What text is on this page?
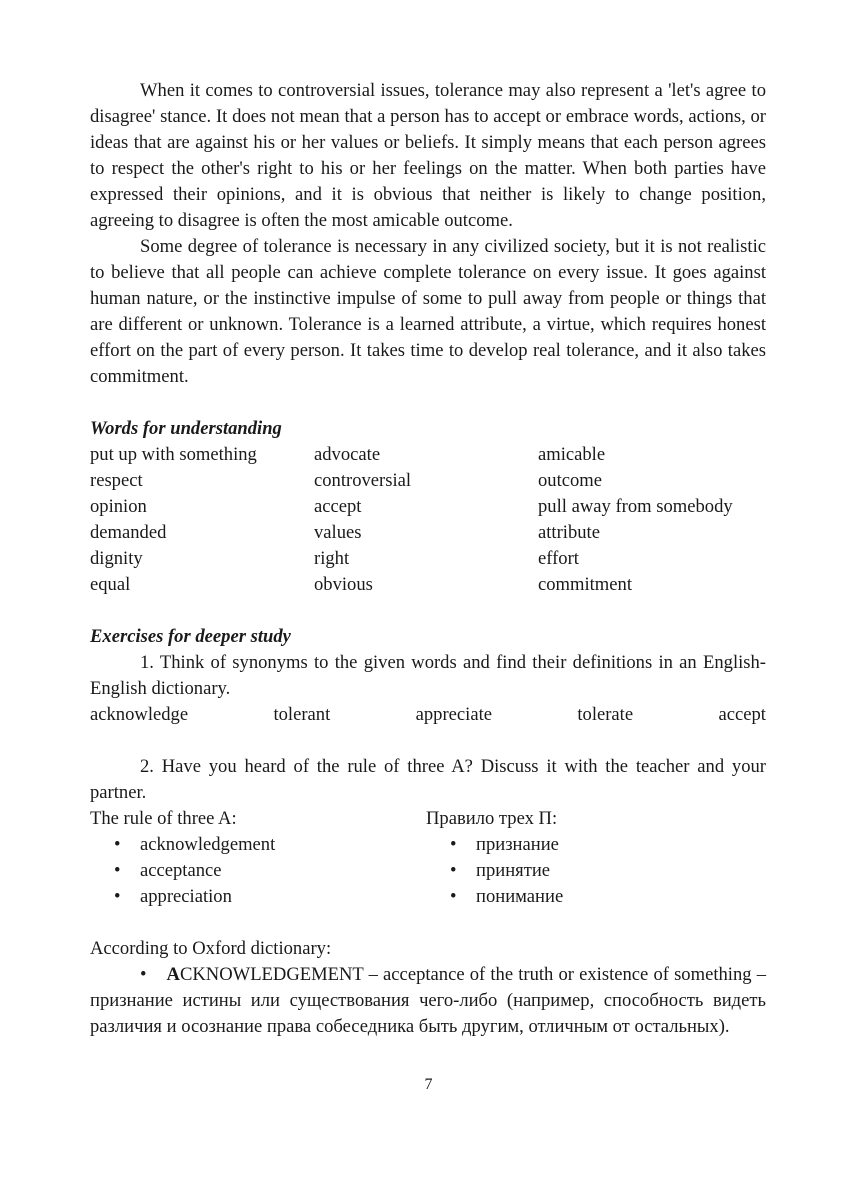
When it comes to controversial issues, tolerance may also represent a 'let's agree to disagree' stance. It does not mean that a person has to accept or embrace words, actions, or ideas that are against his or her values or beliefs. It simply means that each person agrees to respect the other's right to his or her feelings on the matter. When both parties have expressed their opinions, and it is obvious that neither is likely to change position, agreeing to disagree is often the most amicable outcome.

Some degree of tolerance is necessary in any civilized society, but it is not realistic to believe that all people can achieve complete tolerance on every issue. It goes against human nature, or the instinctive impulse of some to pull away from people or things that are different or unknown. Tolerance is a learned attribute, a virtue, which requires honest effort on the part of every person. It takes time to develop real tolerance, and it also takes commitment.

Words for understanding
put up with something	advocate	amicable
respect	controversial	outcome
opinion	accept	pull away from somebody
demanded	values	attribute
dignity	right	effort
equal	obvious	commitment
Exercises for deeper study

1. Think of synonyms to the given words and find their definitions in an English-English dictionary.

acknowledge	tolerant	appreciate	tolerate	accept

2. Have you heard of the rule of three A? Discuss it with the teacher and your partner.

The rule of three A:
• acknowledgement
• acceptance
• appreciation
Правило трех П:
• признание
• принятие
• понимание
According to Oxford dictionary:

• ACKNOWLEDGEMENT – acceptance of the truth or existence of something – признание истины или существования чего-либо (например, способность видеть различия и осознание права собеседника быть другим, отличным от остальных).

7
